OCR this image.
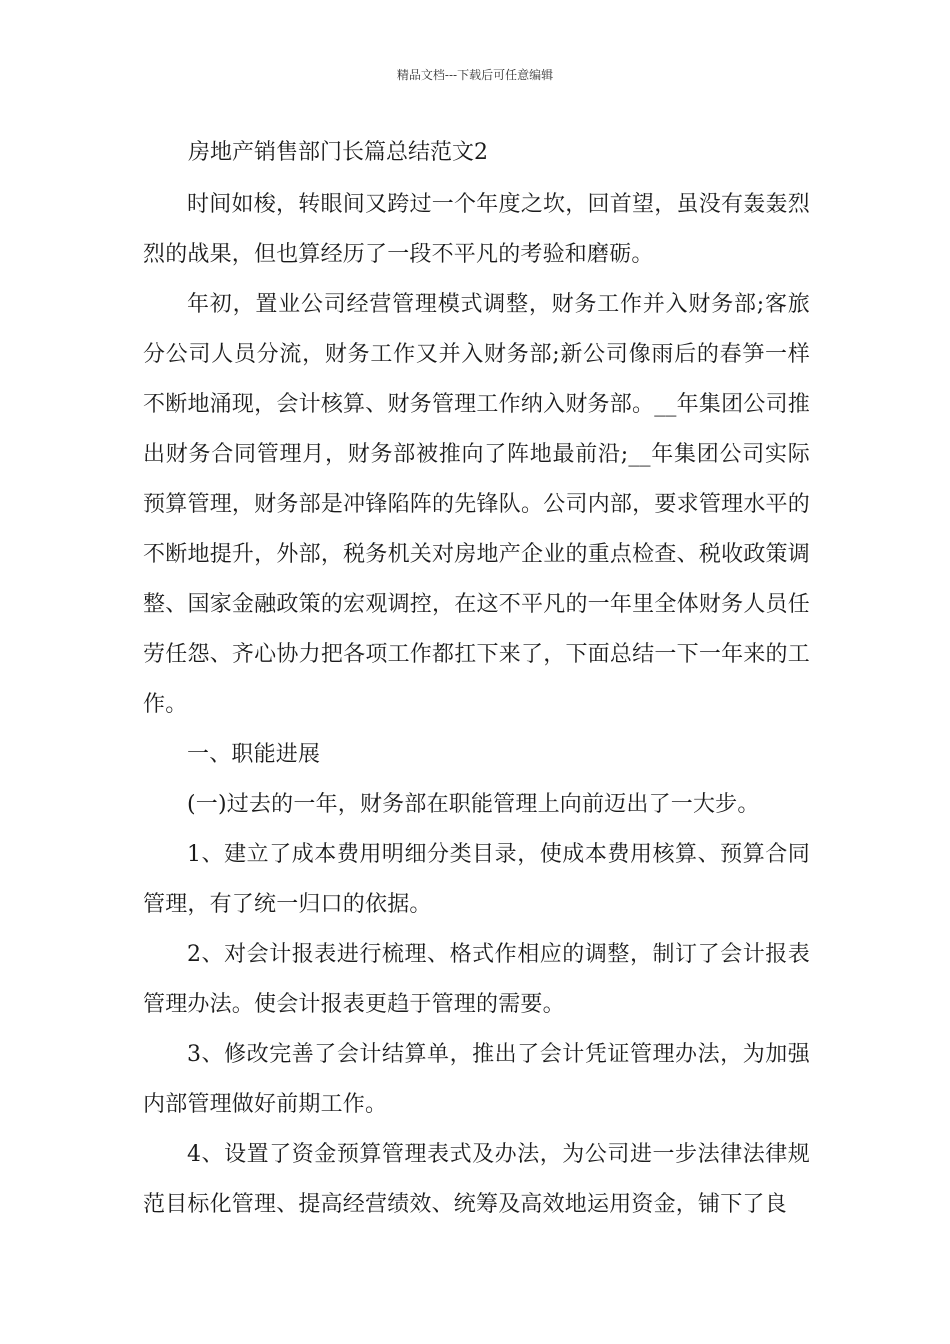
精品文档---下载后可任意编辑
房地产销售部门长篇总结范文2

时间如梭，转眼间又跨过一个年度之坎，回首望，虽没有轰轰烈烈的战果，但也算经历了一段不平凡的考验和磨砺。

年初，置业公司经营管理模式调整，财务工作并入财务部;客旅分公司人员分流，财务工作又并入财务部;新公司像雨后的春笋一样不断地涌现，会计核算、财务管理工作纳入财务部。__年集团公司推出财务合同管理月，财务部被推向了阵地最前沿;__年集团公司实际预算管理，财务部是冲锋陷阵的先锋队。公司内部，要求管理水平的不断地提升，外部，税务机关对房地产企业的重点检查、税收政策调整、国家金融政策的宏观调控，在这不平凡的一年里全体财务人员任劳任怨、齐心协力把各项工作都扛下来了，下面总结一下一年来的工作。

一、职能进展

(一)过去的一年，财务部在职能管理上向前迈出了一大步。

1、建立了成本费用明细分类目录，使成本费用核算、预算合同管理，有了统一归口的依据。

2、对会计报表进行梳理、格式作相应的调整，制订了会计报表管理办法。使会计报表更趋于管理的需要。

3、修改完善了会计结算单，推出了会计凭证管理办法，为加强内部管理做好前期工作。

4、设置了资金预算管理表式及办法，为公司进一步法律法律规范目标化管理、提高经营绩效、统筹及高效地运用资金，铺下了良
